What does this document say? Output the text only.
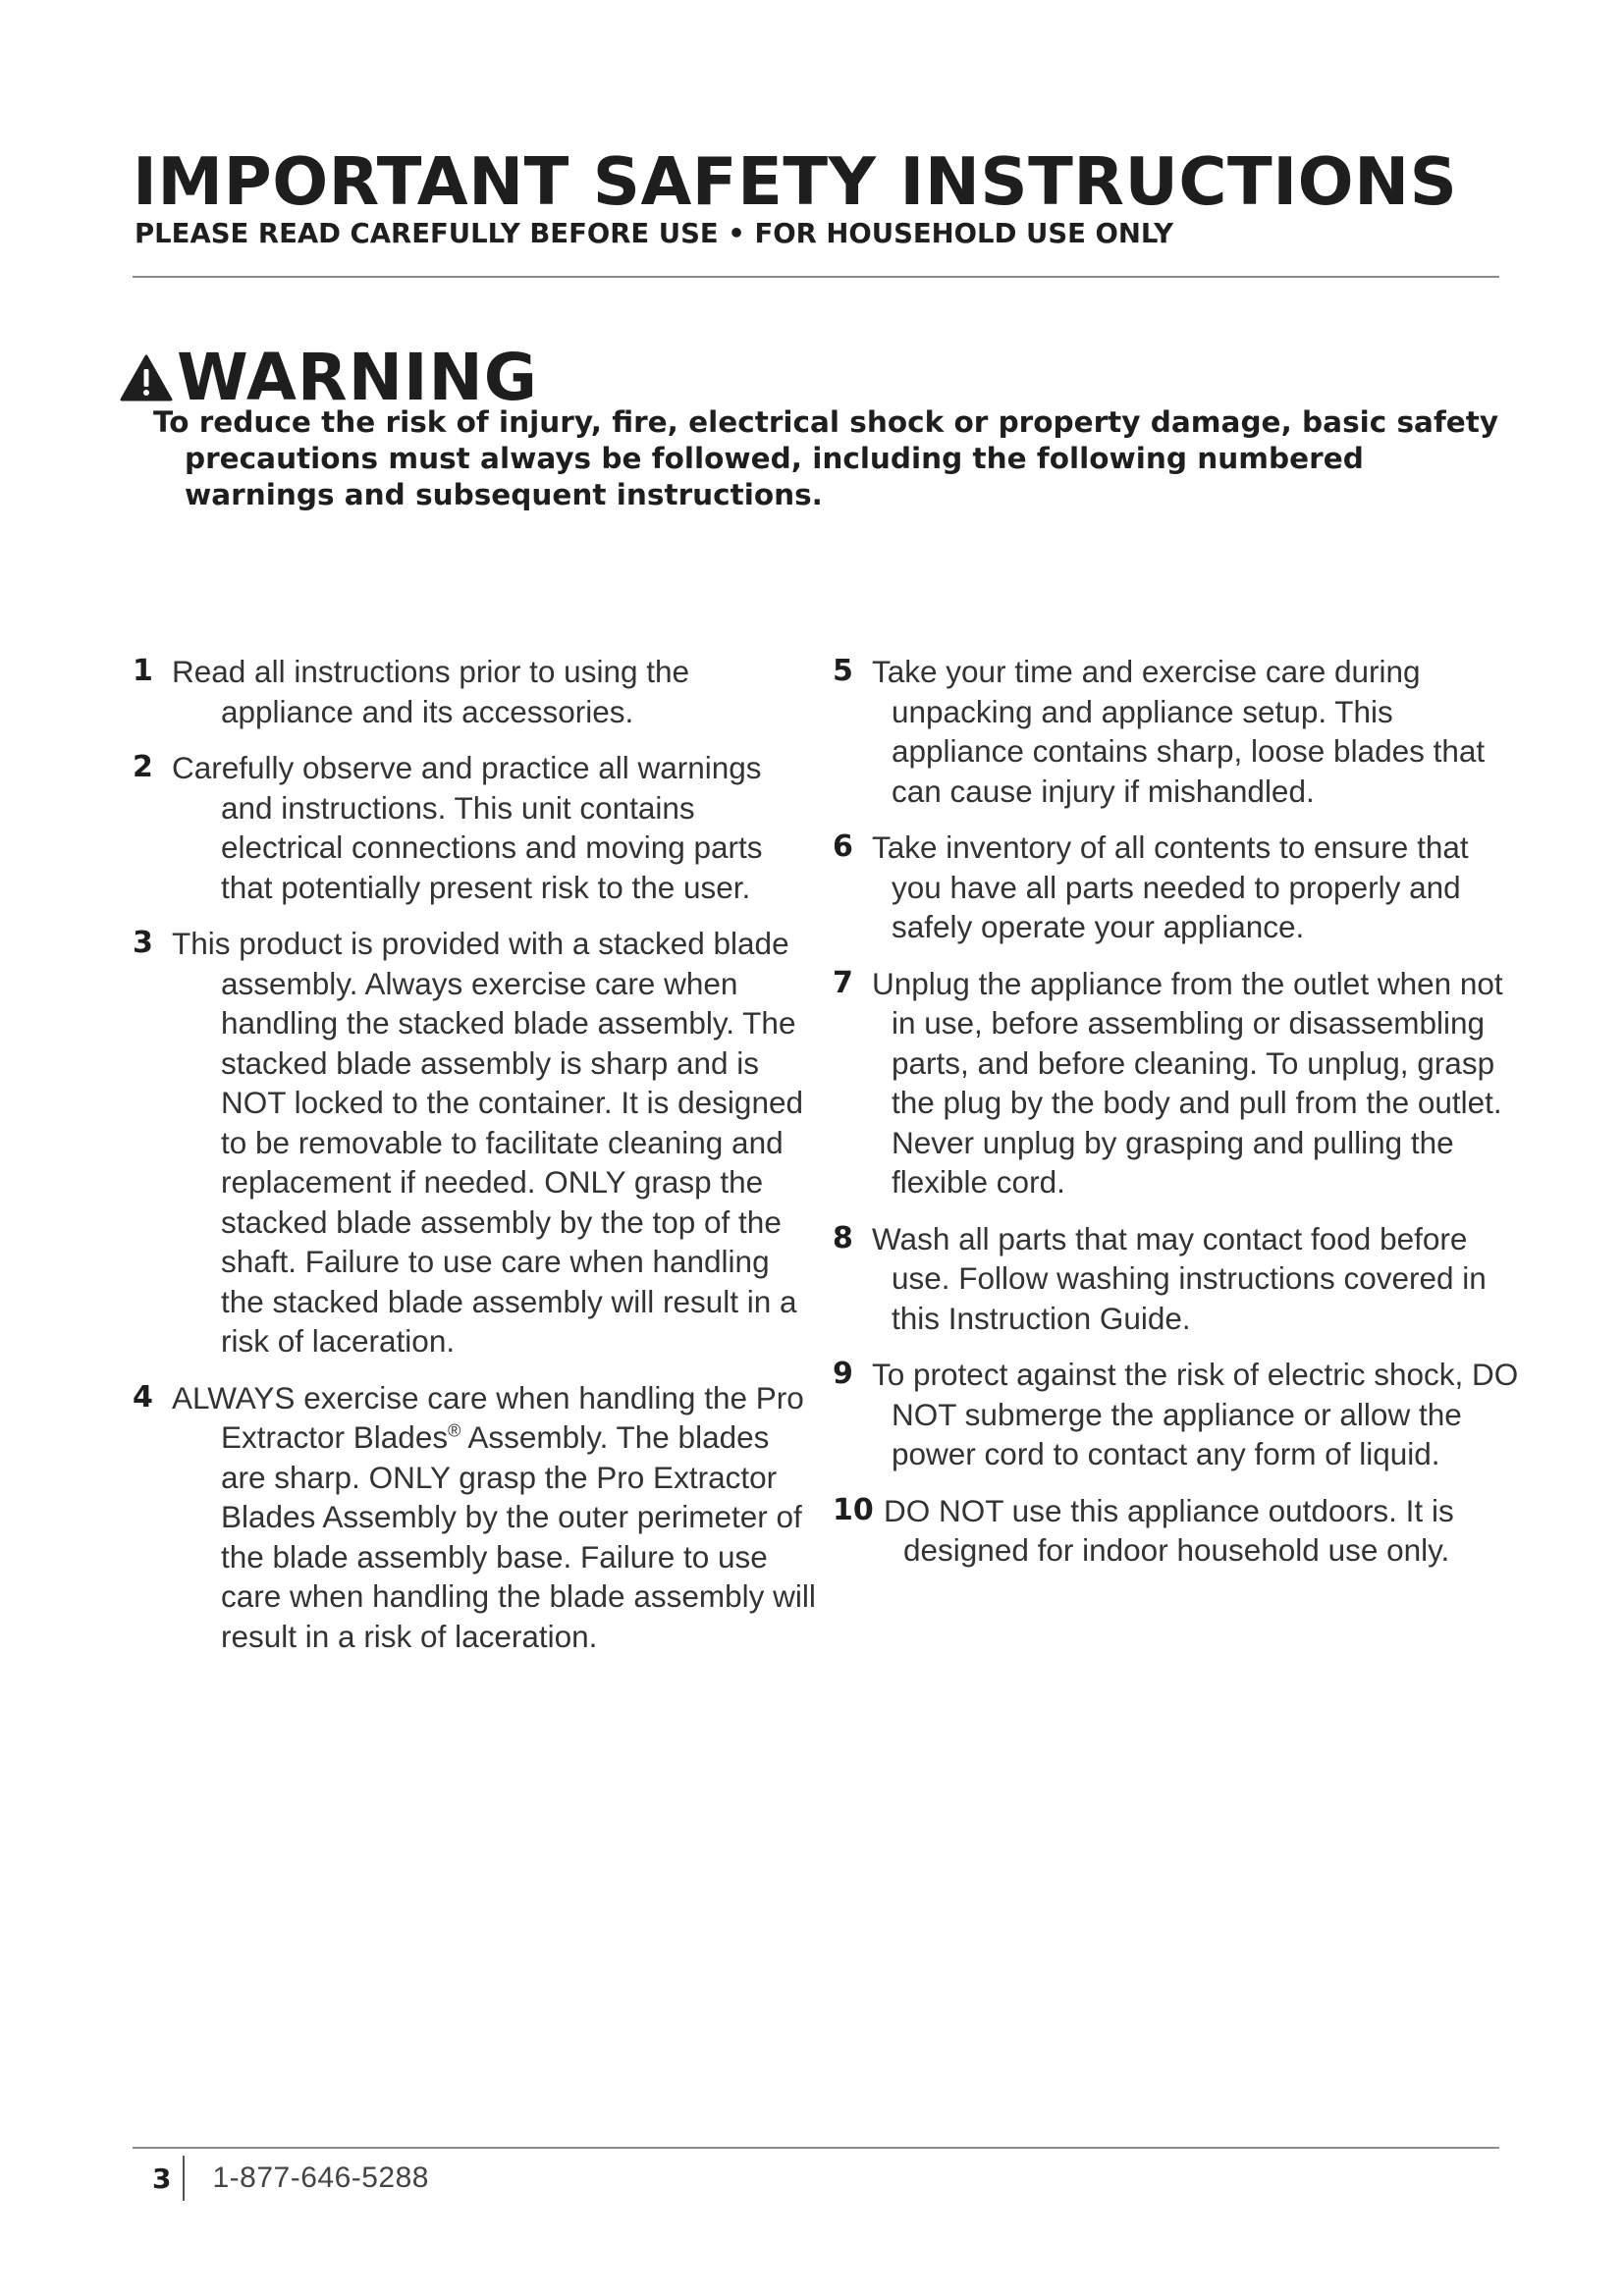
IMPORTANT SAFETY INSTRUCTIONS

PLEASE READ CAREFULLY BEFORE USE • FOR HOUSEHOLD USE ONLY

WARNING

To reduce the risk of injury, fire, electrical shock or property damage, basic safety precautions must always be followed, including the following numbered warnings and subsequent instructions.

1 Read all instructions prior to using the appliance and its accessories.
2 Carefully observe and practice all warnings and instructions. This unit contains electrical connections and moving parts that potentially present risk to the user.
3 This product is provided with a stacked blade assembly. Always exercise care when handling the stacked blade assembly. The stacked blade assembly is sharp and is NOT locked to the container. It is designed to be removable to facilitate cleaning and replacement if needed. ONLY grasp the stacked blade assembly by the top of the shaft. Failure to use care when handling the stacked blade assembly will result in a risk of laceration.
4 ALWAYS exercise care when handling the Pro Extractor Blades® Assembly. The blades are sharp. ONLY grasp the Pro Extractor Blades Assembly by the outer perimeter of the blade assembly base. Failure to use care when handling the blade assembly will result in a risk of laceration.
5 Take your time and exercise care during unpacking and appliance setup. This appliance contains sharp, loose blades that can cause injury if mishandled.
6 Take inventory of all contents to ensure that you have all parts needed to properly and safely operate your appliance.
7 Unplug the appliance from the outlet when not in use, before assembling or disassembling parts, and before cleaning. To unplug, grasp the plug by the body and pull from the outlet. Never unplug by grasping and pulling the flexible cord.
8 Wash all parts that may contact food before use. Follow washing instructions covered in this Instruction Guide.
9 To protect against the risk of electric shock, DO NOT submerge the appliance or allow the power cord to contact any form of liquid.
10 DO NOT use this appliance outdoors. It is designed for indoor household use only.
3	1-877-646-5288
